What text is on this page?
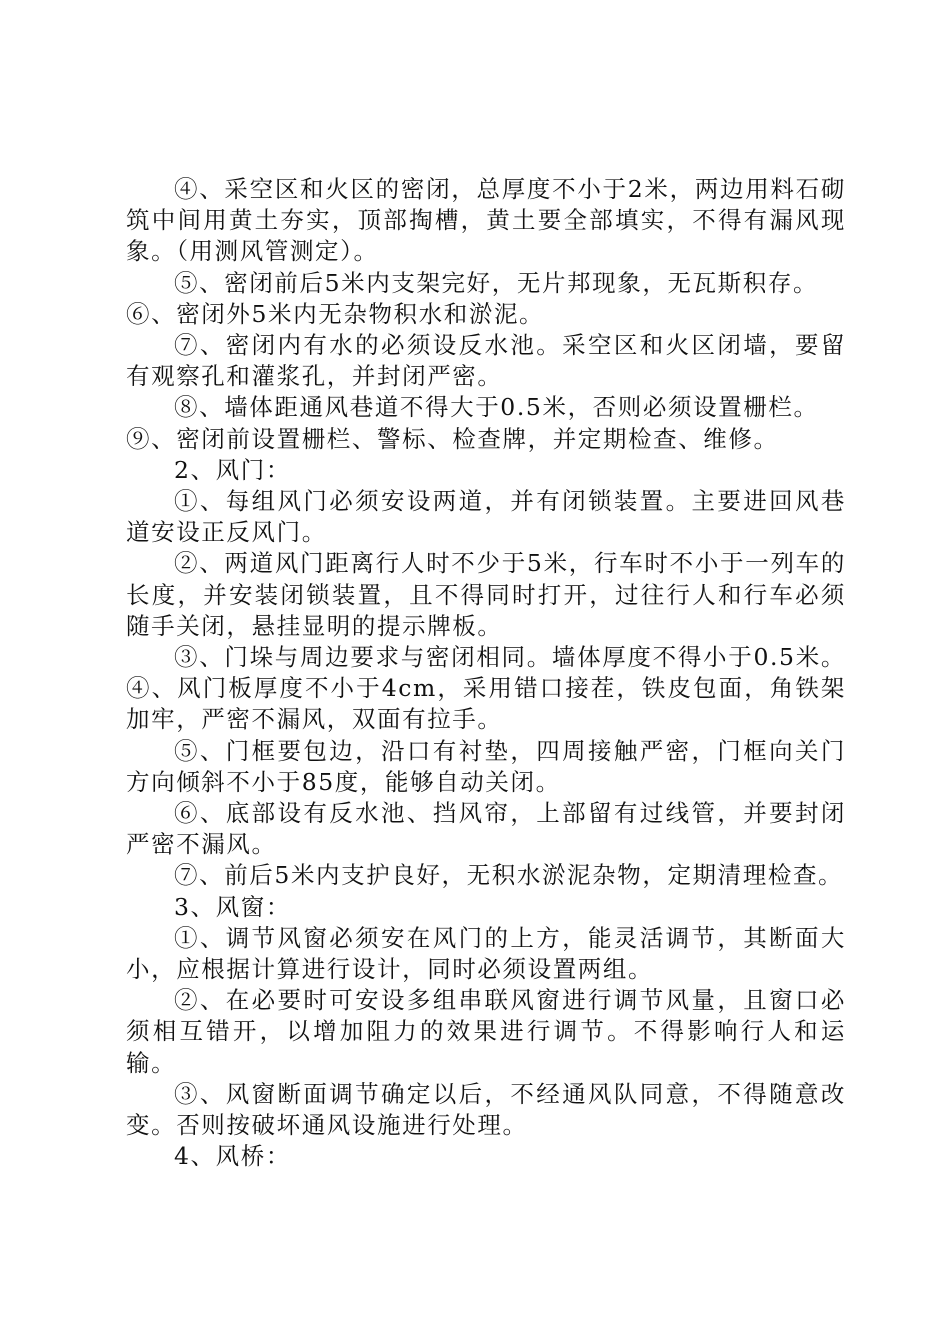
④、采空区和火区的密闭，总厚度不小于2米，两边用料石砌筑中间用黄土夯实，顶部掏槽，黄土要全部填实，不得有漏风现象。（用测风管测定）。

⑤、密闭前后5米内支架完好，无片邦现象，无瓦斯积存。

⑥、密闭外5米内无杂物积水和淤泥。

⑦、密闭内有水的必须设反水池。采空区和火区闭墙，要留有观察孔和灌浆孔，并封闭严密。

⑧、墙体距通风巷道不得大于0.5米，否则必须设置栅栏。

⑨、密闭前设置栅栏、警标、检查牌，并定期检查、维修。

2、风门：

①、每组风门必须安设两道，并有闭锁装置。主要进回风巷道安设正反风门。

②、两道风门距离行人时不少于5米，行车时不小于一列车的长度，并安装闭锁装置，且不得同时打开，过往行人和行车必须随手关闭，悬挂显明的提示牌板。

③、门垛与周边要求与密闭相同。墙体厚度不得小于0.5米。④、风门板厚度不小于4cm，采用错口接茬，铁皮包面，角铁架加牢，严密不漏风，双面有拉手。

⑤、门框要包边，沿口有衬垫，四周接触严密，门框向关门方向倾斜不小于85度，能够自动关闭。

⑥、底部设有反水池、挡风帘，上部留有过线管，并要封闭严密不漏风。

⑦、前后5米内支护良好，无积水淤泥杂物，定期清理检查。

3、风窗：

①、调节风窗必须安在风门的上方，能灵活调节，其断面大小，应根据计算进行设计，同时必须设置两组。

②、在必要时可安设多组串联风窗进行调节风量，且窗口必须相互错开，以增加阻力的效果进行调节。不得影响行人和运输。

③、风窗断面调节确定以后，不经通风队同意，不得随意改变。否则按破坏通风设施进行处理。

4、风桥：
